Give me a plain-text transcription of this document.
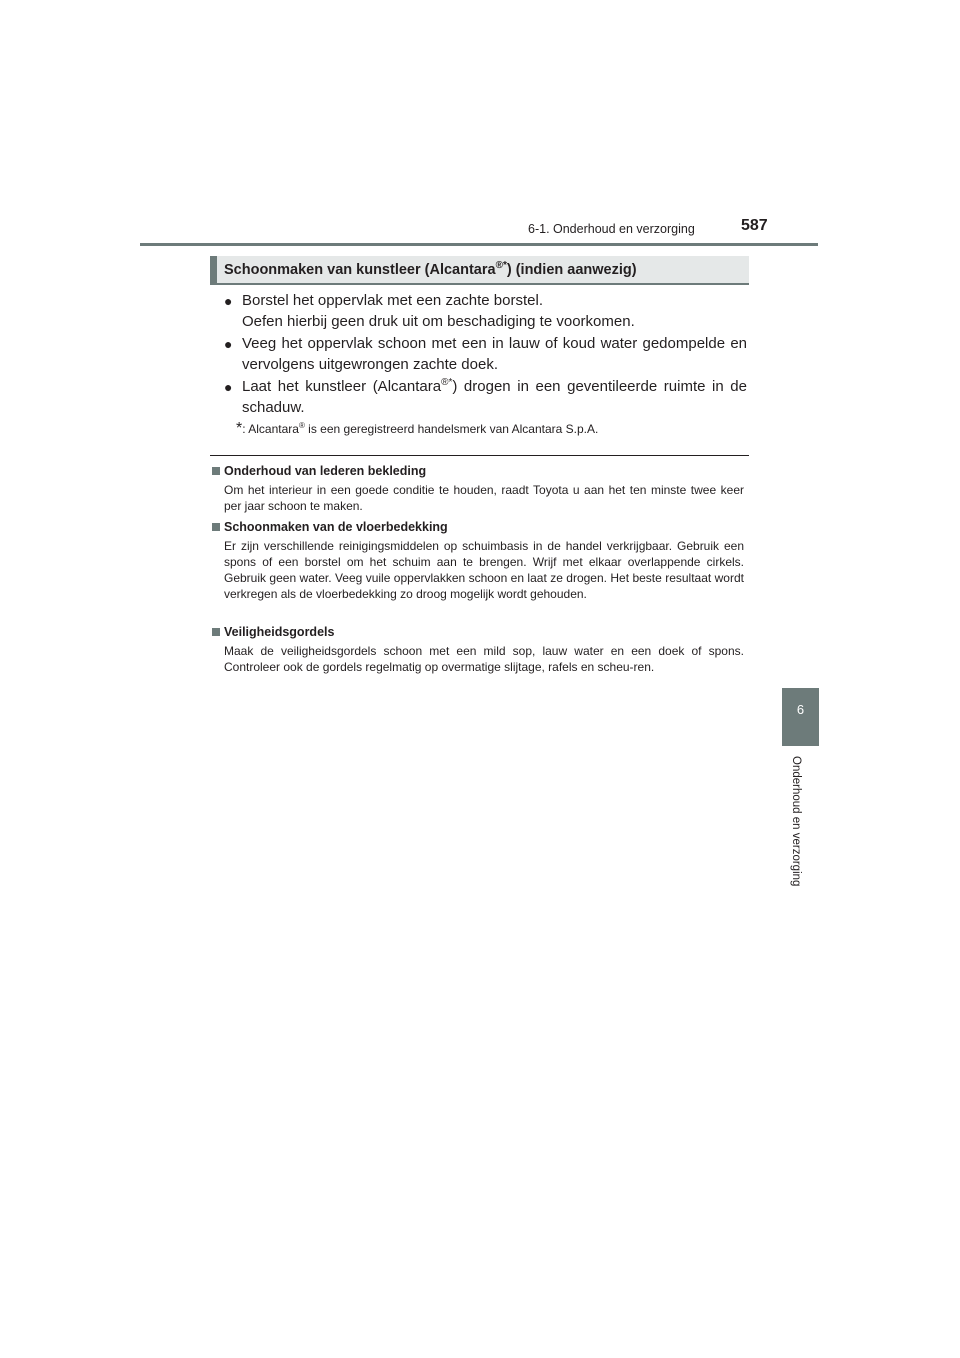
6-1. Onderhoud en verzorging	587
6
Onderhoud en verzorging
Schoonmaken van kunstleer (Alcantara®*) (indien aanwezig)
● Borstel het oppervlak met een zachte borstel.
Oefen hierbij geen druk uit om beschadiging te voorkomen.
● Veeg het oppervlak schoon met een in lauw of koud water gedompelde en vervolgens uitgewrongen zachte doek.
● Laat het kunstleer (Alcantara®*) drogen in een geventileerde ruimte in de schaduw.
*: Alcantara® is een geregistreerd handelsmerk van Alcantara S.p.A.
Onderhoud van lederen bekleding
Om het interieur in een goede conditie te houden, raadt Toyota u aan het ten minste twee keer per jaar schoon te maken.
Schoonmaken van de vloerbedekking
Er zijn verschillende reinigingsmiddelen op schuimbasis in de handel verkrijgbaar. Gebruik een spons of een borstel om het schuim aan te brengen. Wrijf met elkaar overlappende cirkels. Gebruik geen water. Veeg vuile oppervlakken schoon en laat ze drogen. Het beste resultaat wordt verkregen als de vloerbedekking zo droog mogelijk wordt gehouden.
Veiligheidsgordels
Maak de veiligheidsgordels schoon met een mild sop, lauw water en een doek of spons. Controleer ook de gordels regelmatig op overmatige slijtage, rafels en scheu-ren.
